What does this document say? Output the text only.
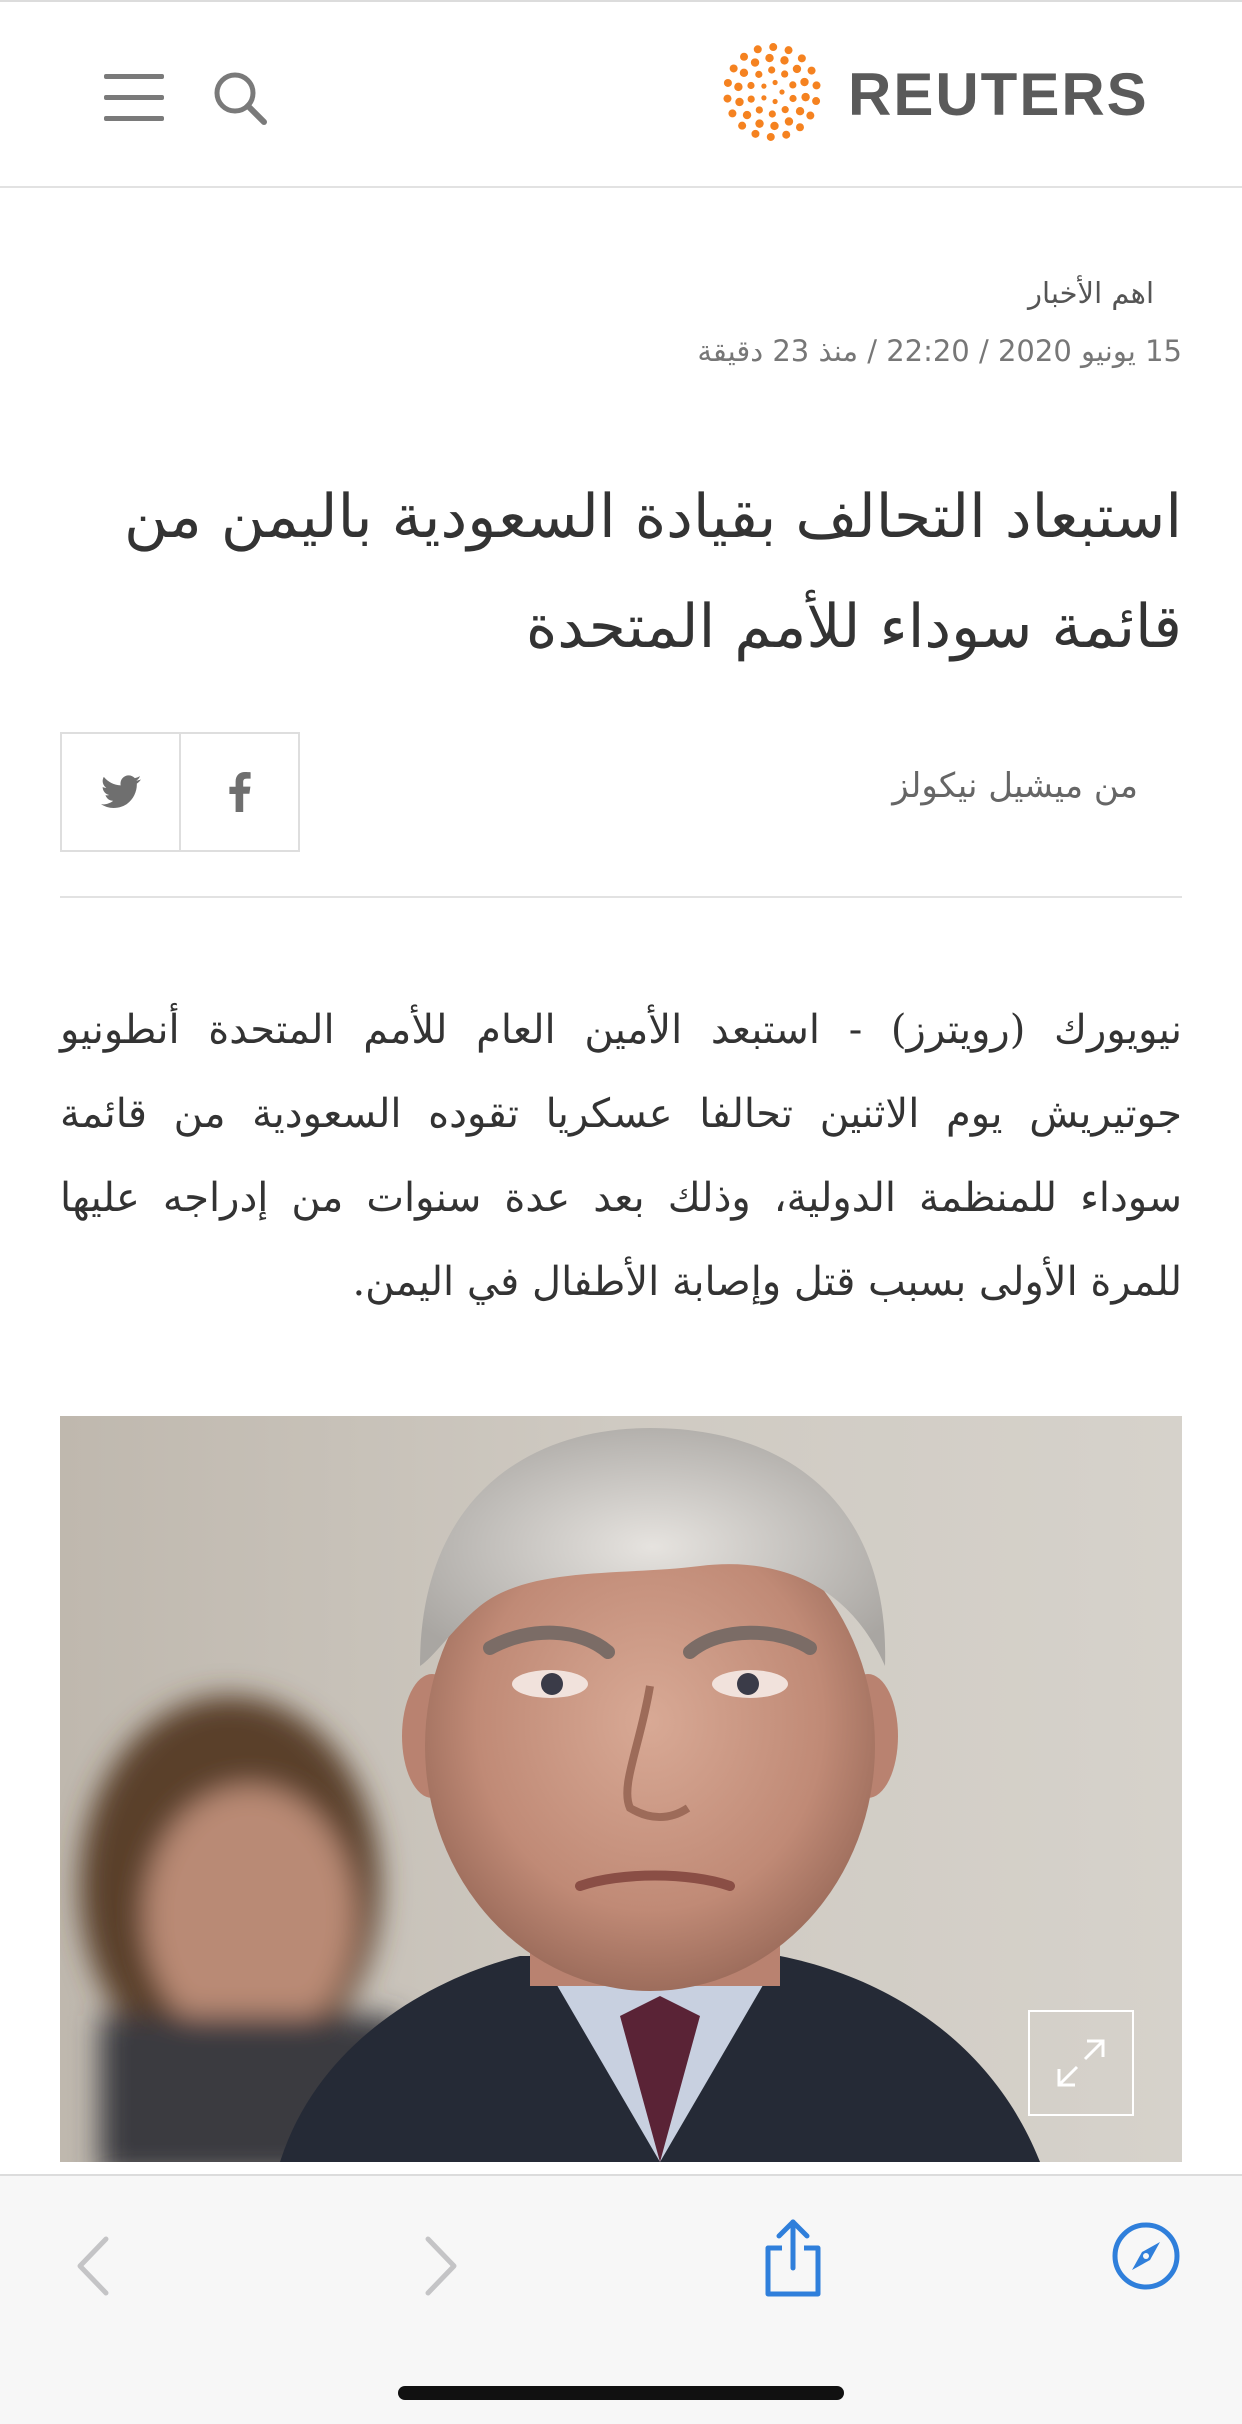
REUTERS
اهم الأخبار
15 يونيو 2020 / 22:20 / منذ 23 دقيقة
استبعاد التحالف بقيادة السعودية باليمن من قائمة سوداء للأمم المتحدة
من ميشيل نيكولز

نيويورك (رويترز) - استبعد الأمين العام للأمم المتحدة أنطونيو جوتيريش يوم الاثنين تحالفا عسكريا تقوده السعودية من قائمة سوداء للمنظمة الدولية، وذلك بعد عدة سنوات من إدراجه عليها للمرة الأولى بسبب قتل وإصابة الأطفال في اليمن.
